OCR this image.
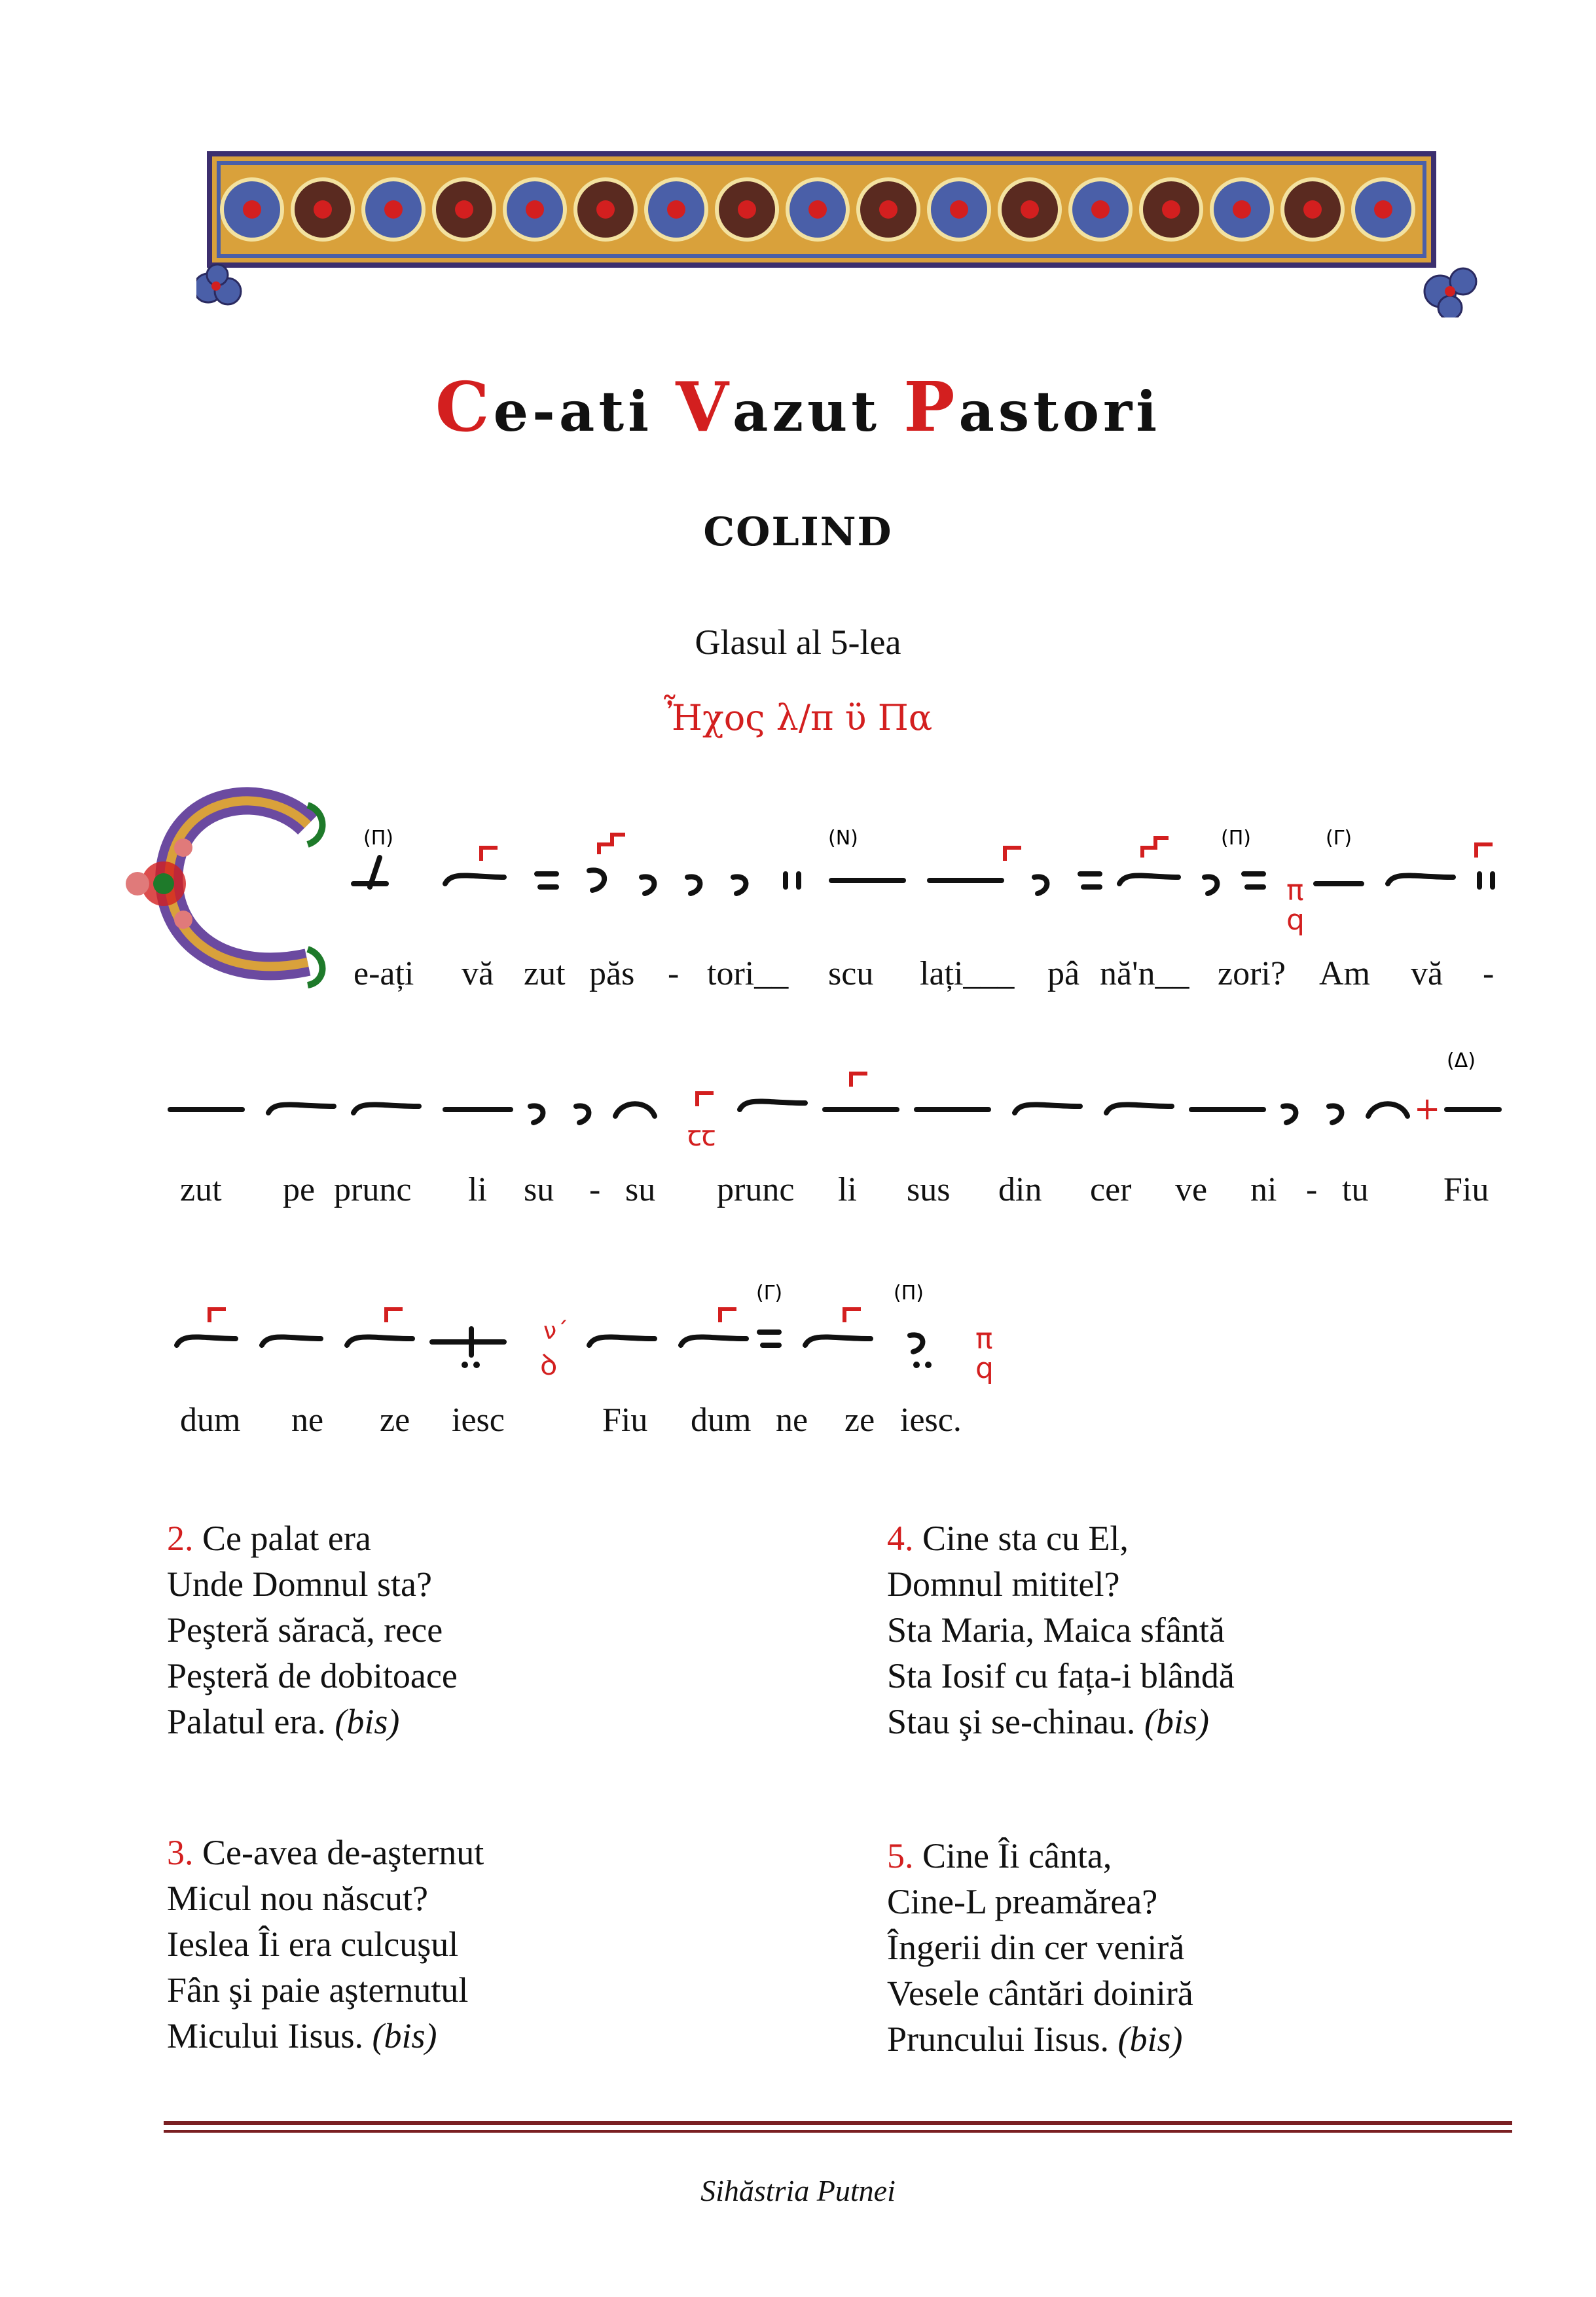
Ce-ati Vazut Pastori
COLIND
Glasul al 5-lea
Ἦχος λ/π ϋ Πα
π
q
(Π)	(Ν)	(Π)	(Γ)
e-ați vă zut păs - tori__ scu lați___ pâ nă'n__ zori? Am vă -
ꞇꞇ
+
(Δ)
zut pe prunc li su - su prunc li sus din cer ve ni - tu Fiu
ν΄
ꝺ
π
q
(Γ)	(Π)
dum ne ze iesc	Fiu dum ne ze iesc.
2. Ce palat era
Unde Domnul sta?
Peşteră săracă, rece
Peşteră de dobitoace
Palatul era. (bis)
3. Ce-avea de-aşternut
Micul nou născut?
Ieslea Îi era culcuşul
Fân şi paie aşternutul
Micului Iisus. (bis)
4. Cine sta cu El,
Domnul mititel?
Sta Maria, Maica sfântă
Sta Iosif cu fața-i blândă
Stau şi se-chinau. (bis)
5. Cine Îi cânta,
Cine-L preamărea?
Îngerii din cer veniră
Vesele cântări doiniră
Pruncului Iisus. (bis)
Sihăstria Putnei
